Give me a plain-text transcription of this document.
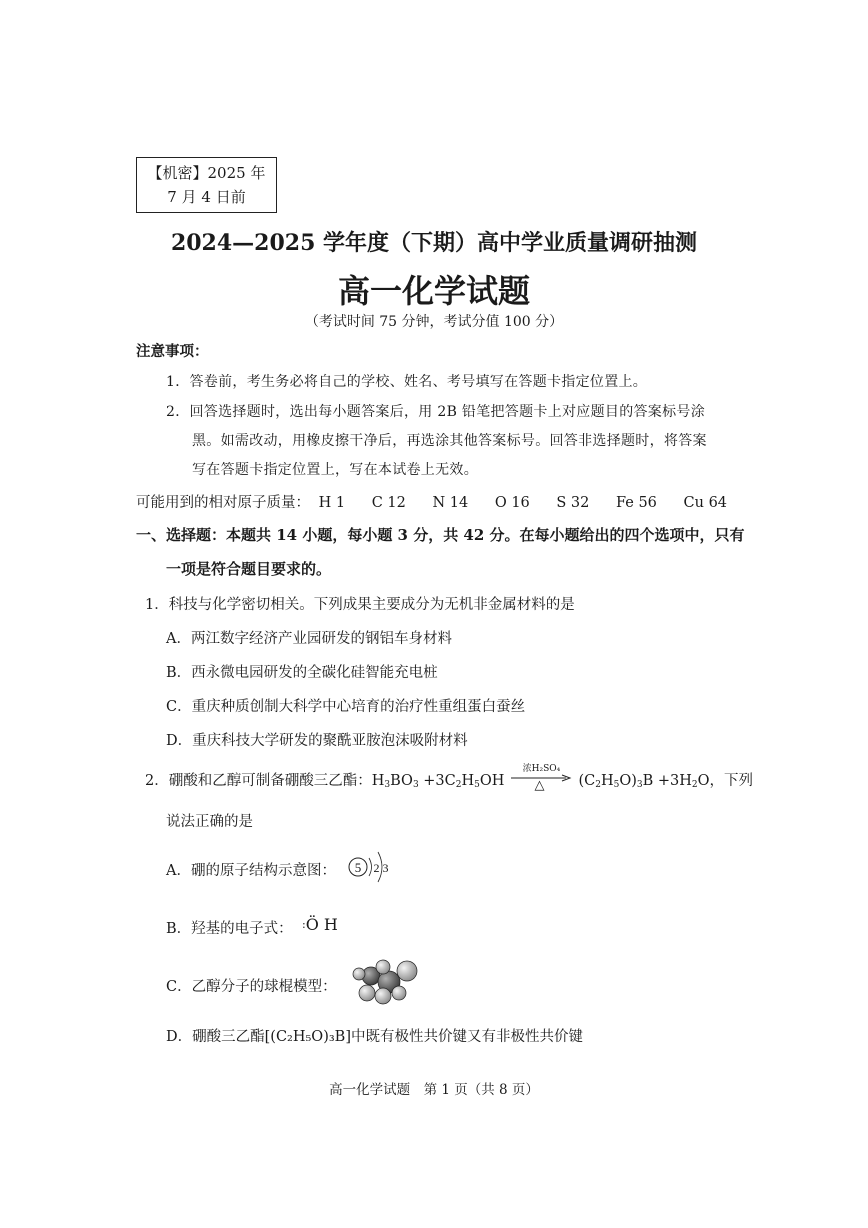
【机密】2025 年
7 月 4 日前
2024—2025 学年度（下期）高中学业质量调研抽测
高一化学试题
（考试时间 75 分钟，考试分值 100 分）
注意事项：
1．答卷前，考生务必将自己的学校、姓名、考号填写在答题卡指定位置上。
2．回答选择题时，选出每小题答案后，用 2B 铅笔把答题卡上对应题目的答案标号涂
黑。如需改动，用橡皮擦干净后，再选涂其他答案标号。回答非选择题时，将答案
写在答题卡指定位置上，写在本试卷上无效。
可能用到的相对原子质量： H 1 C 12 N 14 O 16 S 32 Fe 56 Cu 64
一、选择题：本题共 14 小题，每小题 3 分，共 42 分。在每小题给出的四个选项中，只有
一项是符合题目要求的。
1．科技与化学密切相关。下列成果主要成分为无机非金属材料的是
A．两江数字经济产业园研发的钢铝车身材料
B．西永微电园研发的全碳化硅智能充电桩
C．重庆种质创制大科学中心培育的治疗性重组蛋白蚕丝
D．重庆科技大学研发的聚酰亚胺泡沫吸附材料
2．硼酸和乙醇可制备硼酸三乙酯：$H_3BO_3 +3C_2H_5OH$
浓H₂SO₄
△	$(C_2H_5O)_3B +3H_2O$，下列
说法正确的是
A．硼的原子结构示意图： 5 2 3
B．羟基的电子式： :Ö H
C．乙醇分子的球棍模型：
D．硼酸三乙酯[(C₂H₅O)₃B]中既有极性共价键又有非极性共价键
高一化学试题　第 1 页（共 8 页）
